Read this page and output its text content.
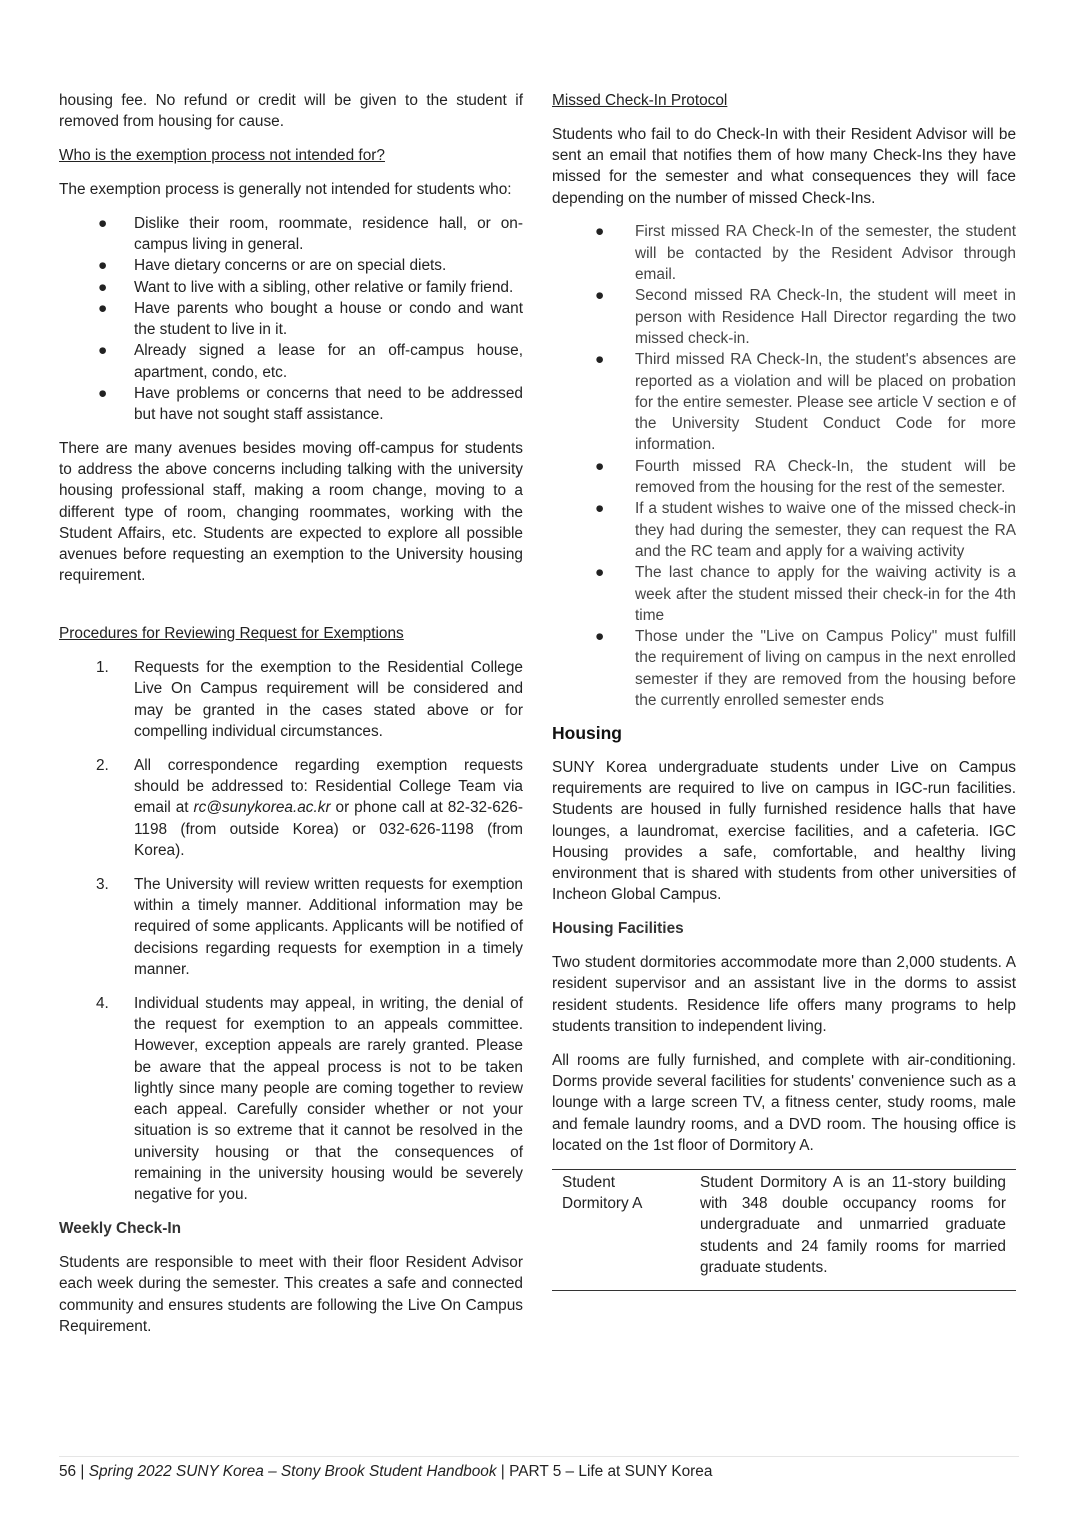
housing fee. No refund or credit will be given to the student if removed from housing for cause.

Who is the exemption process not intended for?

The exemption process is generally not intended for students who:

● Dislike their room, roommate, residence hall, or on-campus living in general.
● Have dietary concerns or are on special diets.
● Want to live with a sibling, other relative or family friend.
● Have parents who bought a house or condo and want the student to live in it.
● Already signed a lease for an off-campus house, apartment, condo, etc.
● Have problems or concerns that need to be addressed but have not sought staff assistance.

There are many avenues besides moving off-campus for students to address the above concerns including talking with the university housing professional staff, making a room change, moving to a different type of room, changing roommates, working with the Student Affairs, etc. Students are expected to explore all possible avenues before requesting an exemption to the University housing requirement.

Procedures for Reviewing Request for Exemptions
1. Requests for the exemption to the Residential College Live On Campus requirement will be considered and may be granted in the cases stated above or for compelling individual circumstances.
2. All correspondence regarding exemption requests should be addressed to: Residential College Team via email at rc@sunykorea.ac.kr or phone call at 82-32-626-1198 (from outside Korea) or 032-626-1198 (from Korea).
3. The University will review written requests for exemption within a timely manner. Additional information may be required of some applicants. Applicants will be notified of decisions regarding requests for exemption in a timely manner.
4. Individual students may appeal, in writing, the denial of the request for exemption to an appeals committee. However, exception appeals are rarely granted. Please be aware that the appeal process is not to be taken lightly since many people are coming together to review each appeal. Carefully consider whether or not your situation is so extreme that it cannot be resolved in the university housing or that the consequences of remaining in the university housing would be severely negative for you.
Weekly Check-In

Students are responsible to meet with their floor Resident Advisor each week during the semester. This creates a safe and connected community and ensures students are following the Live On Campus Requirement.

Missed Check-In Protocol

Students who fail to do Check-In with their Resident Advisor will be sent an email that notifies them of how many Check-Ins they have missed for the semester and what consequences they will face depending on the number of missed Check-Ins.

● First missed RA Check-In of the semester, the student will be contacted by the Resident Advisor through email.
● Second missed RA Check-In, the student will meet in person with Residence Hall Director regarding the two missed check-in.
● Third missed RA Check-In, the student's absences are reported as a violation and will be placed on probation for the entire semester. Please see article V section e of the University Student Conduct Code for more information.
● Fourth missed RA Check-In, the student will be removed from the housing for the rest of the semester.
● If a student wishes to waive one of the missed check-in they had during the semester, they can request the RA and the RC team and apply for a waiving activity
● The last chance to apply for the waiving activity is a week after the student missed their check-in for the 4th time
● Those under the "Live on Campus Policy" must fulfill the requirement of living on campus in the next enrolled semester if they are removed from the housing before the currently enrolled semester ends
Housing

SUNY Korea undergraduate students under Live on Campus requirements are required to live on campus in IGC-run facilities. Students are housed in fully furnished residence halls that have lounges, a laundromat, exercise facilities, and a cafeteria. IGC Housing provides a safe, comfortable, and healthy living environment that is shared with students from other universities of Incheon Global Campus.

Housing Facilities

Two student dormitories accommodate more than 2,000 students. A resident supervisor and an assistant live in the dorms to assist resident students. Residence life offers many programs to help students transition to independent living.

All rooms are fully furnished, and complete with air-conditioning. Dorms provide several facilities for students' convenience such as a lounge with a large screen TV, a fitness center, study rooms, male and female laundry rooms, and a DVD room. The housing office is located on the 1st floor of Dormitory A.

Student Dormitory A	Student Dormitory A is an 11-story building with 348 double occupancy rooms for undergraduate and unmarried graduate students and 24 family rooms for married graduate students.
56 | Spring 2022 SUNY Korea – Stony Brook Student Handbook | PART 5 – Life at SUNY Korea
